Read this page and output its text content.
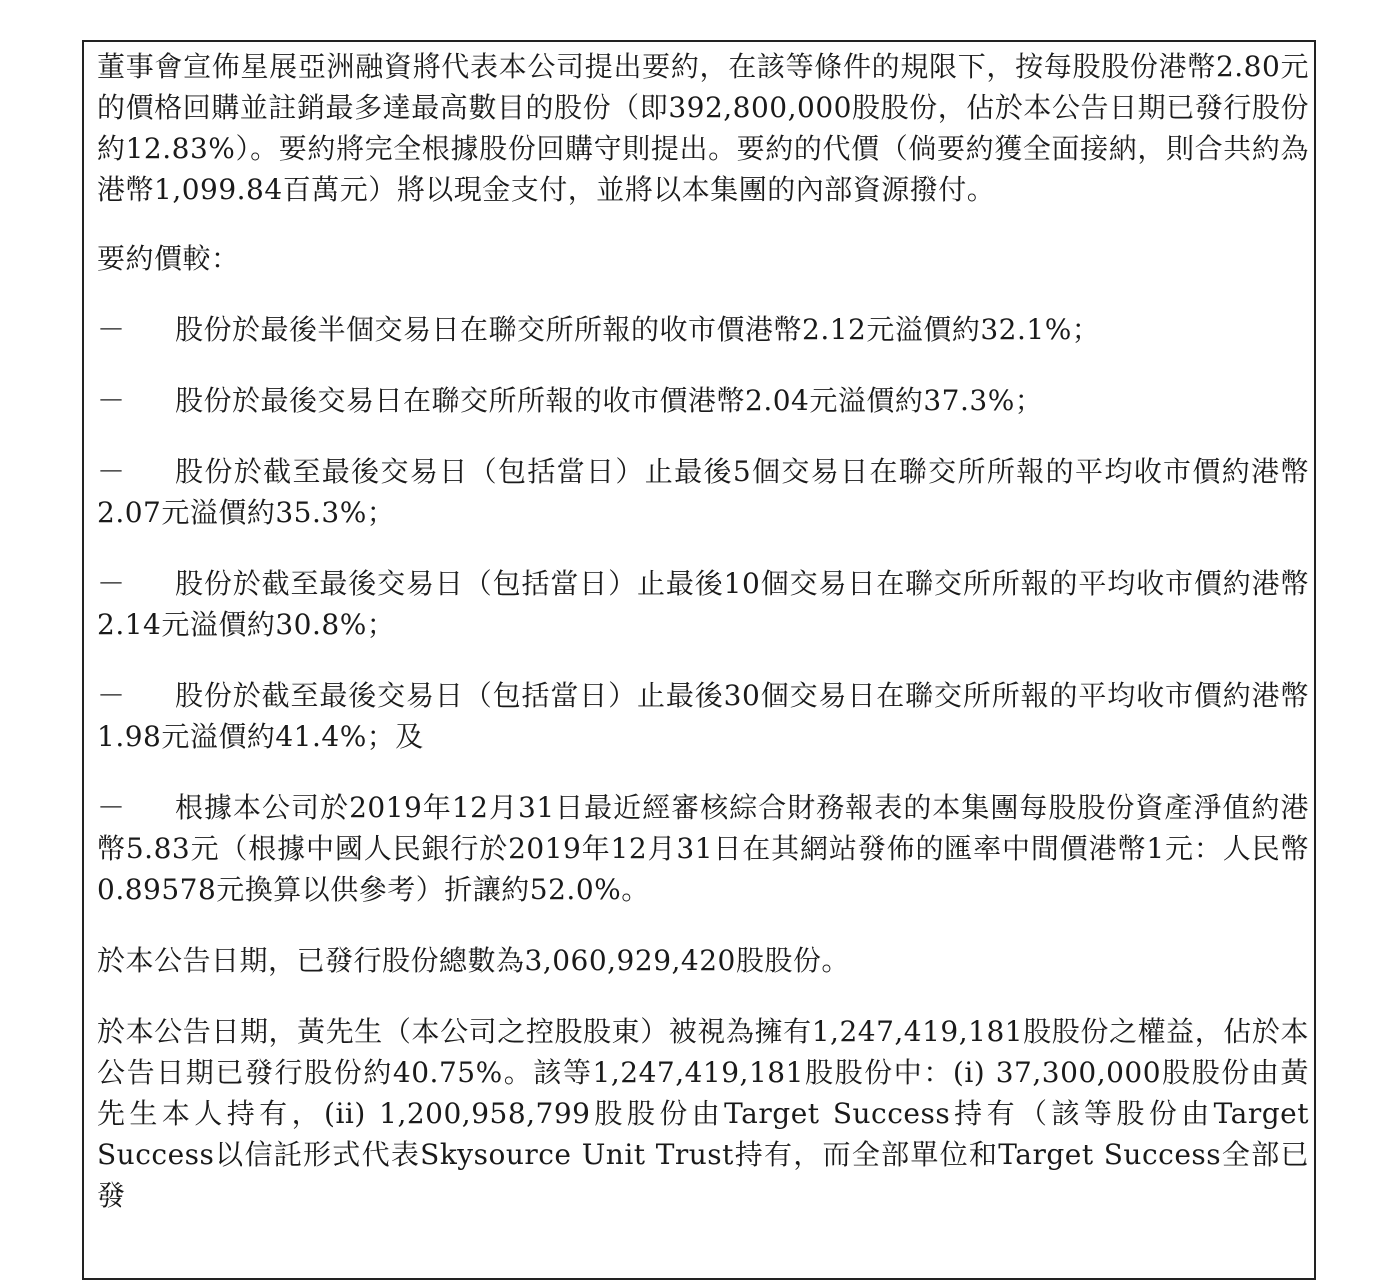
董事會宣佈星展亞洲融資將代表本公司提出要約，在該等條件的規限下，按每股股份港幣2.80元的價格回購並註銷最多達最高數目的股份（即392,800,000股股份，佔於本公告日期已發行股份約12.83%）。要約將完全根據股份回購守則提出。要約的代價（倘要約獲全面接納，則合共約為港幣1,099.84百萬元）將以現金支付，並將以本集團的內部資源撥付。

要約價較：

－	股份於最後半個交易日在聯交所所報的收市價港幣2.12元溢價約32.1%；
－	股份於最後交易日在聯交所所報的收市價港幣2.04元溢價約37.3%；
－	股份於截至最後交易日（包括當日）止最後5個交易日在聯交所所報的平均收市價約港幣2.07元溢價約35.3%；
－	股份於截至最後交易日（包括當日）止最後10個交易日在聯交所所報的平均收市價約港幣2.14元溢價約30.8%；
－	股份於截至最後交易日（包括當日）止最後30個交易日在聯交所所報的平均收市價約港幣1.98元溢價約41.4%；及
－	根據本公司於2019年12月31日最近經審核綜合財務報表的本集團每股股份資產淨值約港幣5.83元（根據中國人民銀行於2019年12月31日在其網站發佈的匯率中間價港幣1元：人民幣0.89578元換算以供參考）折讓約52.0%。

於本公告日期，已發行股份總數為3,060,929,420股股份。

於本公告日期，黃先生（本公司之控股股東）被視為擁有1,247,419,181股股份之權益，佔於本公告日期已發行股份約40.75%。該等1,247,419,181股股份中：(i) 37,300,000股股份由黃先生本人持有，(ii) 1,200,958,799股股份由Target Success持有（該等股份由Target Success以信託形式代表Skysource Unit Trust持有，而全部單位和Target Success全部已發
